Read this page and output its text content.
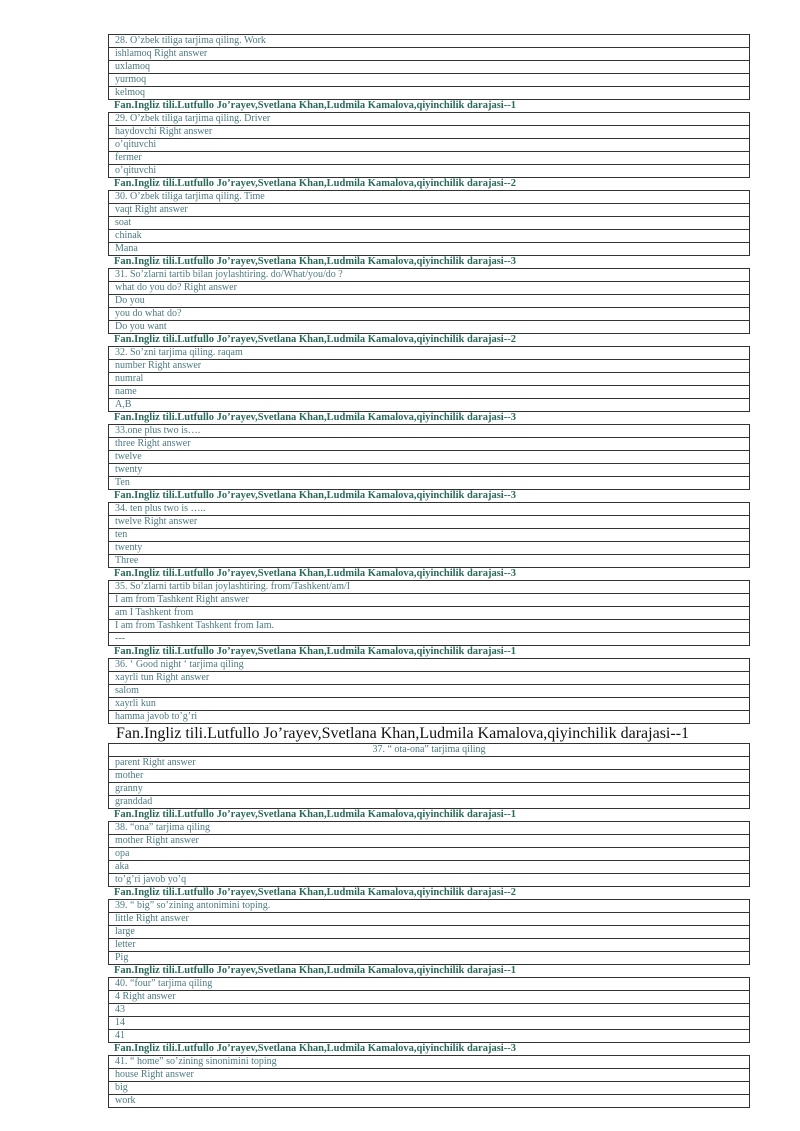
28. O’zbek tiliga tarjima qiling. Work
ishlamoq Right answer
uxlamoq
yurmoq
kelmoq
Fan.Ingliz tili.Lutfullo Jo’rayev,Svetlana Khan,Ludmila Kamalova,qiyinchilik darajasi--1
29. O’zbek tiliga tarjima qiling. Driver
haydovchi Right answer
o’qituvchi
fermer
o’qituvchi
Fan.Ingliz tili.Lutfullo Jo’rayev,Svetlana Khan,Ludmila Kamalova,qiyinchilik darajasi--2
30. O’zbek tiliga tarjima qiling. Time
vaqt Right answer
soat
chinak
Mana
Fan.Ingliz tili.Lutfullo Jo’rayev,Svetlana Khan,Ludmila Kamalova,qiyinchilik darajasi--3
31. So’zlarni tartib bilan joylashtiring. do/What/you/do ?
what do you do? Right answer
Do you
you do what do?
Do you want
Fan.Ingliz tili.Lutfullo Jo’rayev,Svetlana Khan,Ludmila Kamalova,qiyinchilik darajasi--2
32. So’zni tarjima qiling. raqam
number Right answer
numral
name
A,B
Fan.Ingliz tili.Lutfullo Jo’rayev,Svetlana Khan,Ludmila Kamalova,qiyinchilik darajasi--3
33.one plus two is….
three Right answer
twelve
twenty
Ten
Fan.Ingliz tili.Lutfullo Jo’rayev,Svetlana Khan,Ludmila Kamalova,qiyinchilik darajasi--3
34. ten plus two is …..
twelve Right answer
ten
twenty
Three
Fan.Ingliz tili.Lutfullo Jo’rayev,Svetlana Khan,Ludmila Kamalova,qiyinchilik darajasi--3
35. So’zlarni tartib bilan joylashtiring. from/Tashkent/am/I
I am from Tashkent Right answer
am I Tashkent from
I am from Tashkent Tashkent from Iam.
---
Fan.Ingliz tili.Lutfullo Jo’rayev,Svetlana Khan,Ludmila Kamalova,qiyinchilik darajasi--1
36. ‘ Good night ‘ tarjima qiling
xayrli tun Right answer
salom
xayrli kun
hamma javob to’g’ri
Fan.Ingliz tili.Lutfullo Jo’rayev,Svetlana Khan,Ludmila Kamalova,qiyinchilik darajasi--1
37. “ ota-ona” tarjima qiling
parent Right answer
mother
granny
granddad
Fan.Ingliz tili.Lutfullo Jo’rayev,Svetlana Khan,Ludmila Kamalova,qiyinchilik darajasi--1
38. “ona” tarjima qiling
mother Right answer
opa
aka
to’g’ri javob yo’q
Fan.Ingliz tili.Lutfullo Jo’rayev,Svetlana Khan,Ludmila Kamalova,qiyinchilik darajasi--2
39. “ big” so’zining antonimini toping.
little Right answer
large
letter
Pig
Fan.Ingliz tili.Lutfullo Jo’rayev,Svetlana Khan,Ludmila Kamalova,qiyinchilik darajasi--1
40. “four” tarjima qiling
4 Right answer
43
14
41
Fan.Ingliz tili.Lutfullo Jo’rayev,Svetlana Khan,Ludmila Kamalova,qiyinchilik darajasi--3
41. “ home” so’zining sinonimini toping
house Right answer
big
work
